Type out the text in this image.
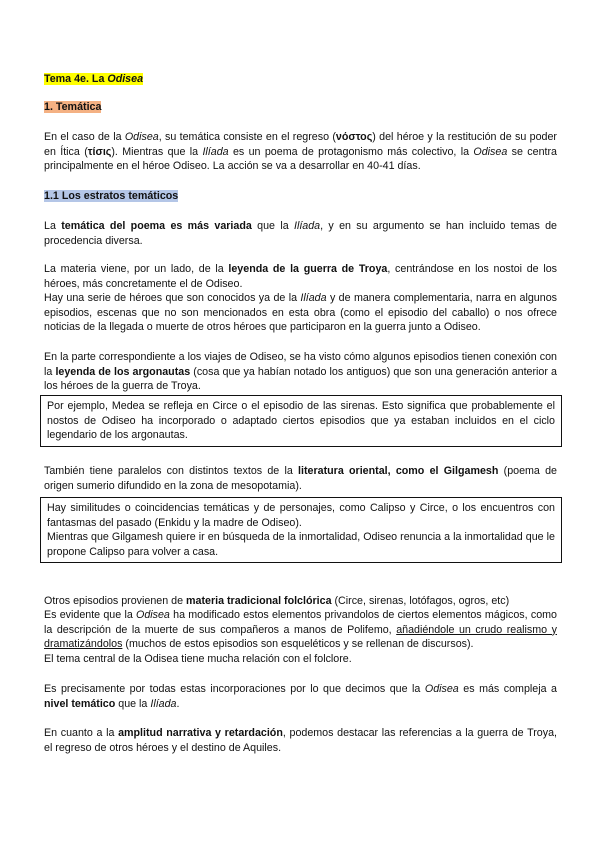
Tema 4e. La Odisea

1. Temática

En el caso de la Odisea, su temática consiste en el regreso (νόστος) del héroe y la restitución de su poder en Ítica (τίσις). Mientras que la Ilíada es un poema de protagonismo más colectivo, la Odisea se centra principalmente en el héroe Odiseo. La acción se va a desarrollar en 40-41 días.

1.1 Los estratos temáticos

La temática del poema es más variada que la Ilíada, y en su argumento se han incluido temas de procedencia diversa.

La materia viene, por un lado, de la leyenda de la guerra de Troya, centrándose en los nostoi de los héroes, más concretamente el de Odiseo.

Hay una serie de héroes que son conocidos ya de la Ilíada y de manera complementaria, narra en algunos episodios, escenas que no son mencionados en esta obra (como el episodio del caballo) o nos ofrece noticias de la llegada o muerte de otros héroes que participaron en la guerra junto a Odiseo.

En la parte correspondiente a los viajes de Odiseo, se ha visto cómo algunos episodios tienen conexión con la leyenda de los argonautas (cosa que ya habían notado los antiguos) que son una generación anterior a los héroes de la guerra de Troya.

Por ejemplo, Medea se refleja en Circe o el episodio de las sirenas. Esto significa que probablemente el nostos de Odiseo ha incorporado o adaptado ciertos episodios que ya estaban incluidos en el ciclo legendario de los argonautas.

También tiene paralelos con distintos textos de la literatura oriental, como el Gilgamesh (poema de origen sumerio difundido en la zona de mesopotamia).

Hay similitudes o coincidencias temáticas y de personajes, como Calipso y Circe, o los encuentros con fantasmas del pasado (Enkidu y la madre de Odiseo).
Mientras que Gilgamesh quiere ir en búsqueda de la inmortalidad, Odiseo renuncia a la inmortalidad que le propone Calipso para volver a casa.

Otros episodios provienen de materia tradicional folclórica (Circe, sirenas, lotófagos, ogros, etc)

Es evidente que la Odisea ha modificado estos elementos privandolos de ciertos elementos mágicos, como la descripción de la muerte de sus compañeros a manos de Polifemo, añadiéndole un crudo realismo y dramatizándolos (muchos de estos episodios son esqueléticos y se rellenan de discursos).

El tema central de la Odisea tiene mucha relación con el folclore.

Es precisamente por todas estas incorporaciones por lo que decimos que la Odisea es más compleja a nivel temático que la Ilíada.

En cuanto a la amplitud narrativa y retardación, podemos destacar las referencias a la guerra de Troya, el regreso de otros héroes y el destino de Aquiles.
